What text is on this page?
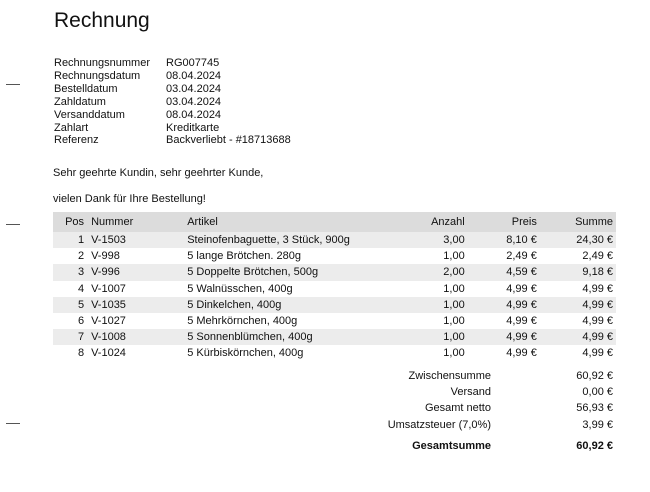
Rechnung
Rechnungsnummer	RG007745
Rechnungsdatum	08.04.2024
Bestelldatum	03.04.2024
Zahldatum	03.04.2024
Versanddatum	08.04.2024
Zahlart	Kreditkarte
Referenz	Backverliebt - #18713688
Sehr geehrte Kundin, sehr geehrter Kunde,
vielen Dank für Ihre Bestellung!
Pos	Nummer	Artikel	Anzahl	Preis	Summe
1	V-1503	Steinofenbaguette, 3 Stück, 900g	3,00	8,10 €	24,30 €
2	V-998	5 lange Brötchen. 280g	1,00	2,49 €	2,49 €
3	V-996	5 Doppelte Brötchen, 500g	2,00	4,59 €	9,18 €
4	V-1007	5 Walnüsschen, 400g	1,00	4,99 €	4,99 €
5	V-1035	5 Dinkelchen, 400g	1,00	4,99 €	4,99 €
6	V-1027	5 Mehrkörnchen, 400g	1,00	4,99 €	4,99 €
7	V-1008	5 Sonnenblümchen, 400g	1,00	4,99 €	4,99 €
8	V-1024	5 Kürbiskörnchen, 400g	1,00	4,99 €	4,99 €
Zwischensumme	60,92 €
Versand	0,00 €
Gesamt netto	56,93 €
Umsatzsteuer (7,0%)	3,99 €
Gesamtsumme	60,92 €
